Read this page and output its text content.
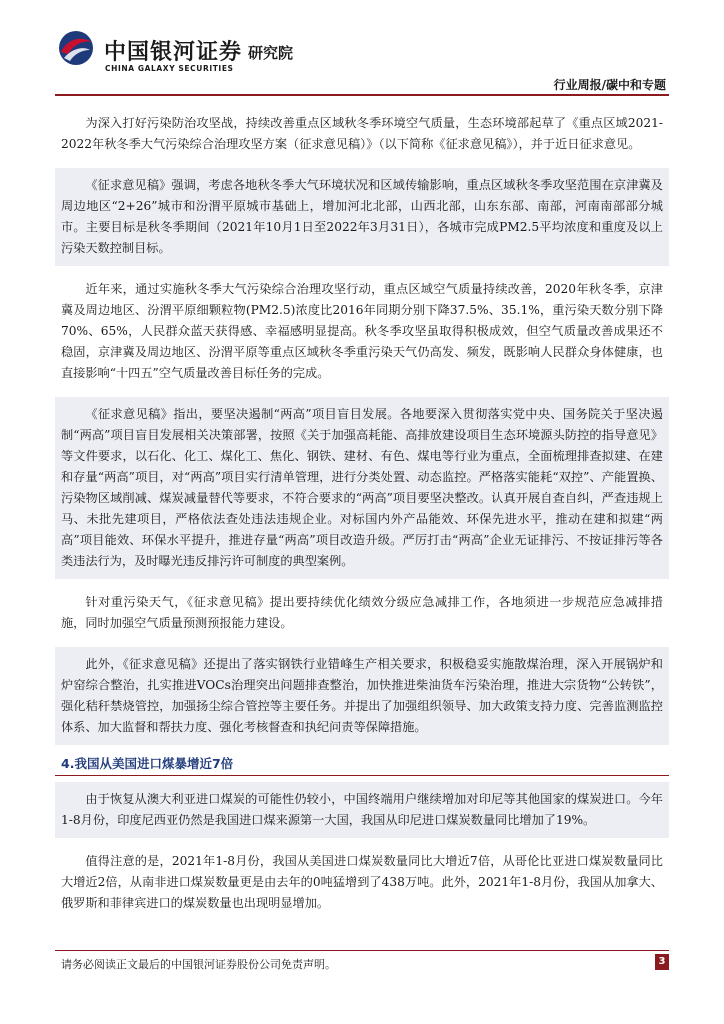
中国银河证券
CHINA GALAXY SECURITIES
研究院
行业周报/碳中和专题

为深入打好污染防治攻坚战，持续改善重点区域秋冬季环境空气质量，生态环境部起草了《重点区域2021-2022年秋冬季大气污染综合治理攻坚方案（征求意见稿）》（以下简称《征求意见稿》），并于近日征求意见。

《征求意见稿》强调，考虑各地秋冬季大气环境状况和区域传输影响，重点区域秋冬季攻坚范围在京津冀及周边地区“2+26”城市和汾渭平原城市基础上，增加河北北部，山西北部，山东东部、南部，河南南部部分城市。主要目标是秋冬季期间（2021年10月1日至2022年3月31日），各城市完成PM2.5平均浓度和重度及以上污染天数控制目标。

近年来，通过实施秋冬季大气污染综合治理攻坚行动，重点区域空气质量持续改善，2020年秋冬季，京津冀及周边地区、汾渭平原细颗粒物(PM2.5)浓度比2016年同期分别下降37.5%、35.1%，重污染天数分别下降70%、65%，人民群众蓝天获得感、幸福感明显提高。秋冬季攻坚虽取得积极成效，但空气质量改善成果还不稳固，京津冀及周边地区、汾渭平原等重点区域秋冬季重污染天气仍高发、频发，既影响人民群众身体健康，也直接影响“十四五”空气质量改善目标任务的完成。

《征求意见稿》指出，要坚决遏制“两高”项目盲目发展。各地要深入贯彻落实党中央、国务院关于坚决遏制“两高”项目盲目发展相关决策部署，按照《关于加强高耗能、高排放建设项目生态环境源头防控的指导意见》等文件要求，以石化、化工、煤化工、焦化、钢铁、建材、有色、煤电等行业为重点，全面梳理排查拟建、在建和存量“两高”项目，对“两高”项目实行清单管理，进行分类处置、动态监控。严格落实能耗“双控”、产能置换、污染物区域削减、煤炭减量替代等要求，不符合要求的“两高”项目要坚决整改。认真开展自查自纠，严查违规上马、未批先建项目，严格依法查处违法违规企业。对标国内外产品能效、环保先进水平，推动在建和拟建“两高”项目能效、环保水平提升，推进存量“两高”项目改造升级。严厉打击“两高”企业无证排污、不按证排污等各类违法行为，及时曝光违反排污许可制度的典型案例。

针对重污染天气，《征求意见稿》提出要持续优化绩效分级应急减排工作，各地须进一步规范应急减排措施，同时加强空气质量预测预报能力建设。

此外，《征求意见稿》还提出了落实钢铁行业错峰生产相关要求，积极稳妥实施散煤治理，深入开展锅炉和炉窑综合整治，扎实推进VOCs治理突出问题排查整治，加快推进柴油货车污染治理，推进大宗货物“公转铁”，强化秸秆禁烧管控，加强扬尘综合管控等主要任务。并提出了加强组织领导、加大政策支持力度、完善监测监控体系、加大监督和帮扶力度、强化考核督查和执纪问责等保障措施。

4.我国从美国进口煤暴增近7倍

由于恢复从澳大利亚进口煤炭的可能性仍较小，中国终端用户继续增加对印尼等其他国家的煤炭进口。今年1-8月份，印度尼西亚仍然是我国进口煤来源第一大国，我国从印尼进口煤炭数量同比增加了19%。

值得注意的是，2021年1-8月份，我国从美国进口煤炭数量同比大增近7倍，从哥伦比亚进口煤炭数量同比大增近2倍，从南非进口煤炭数量更是由去年的0吨猛增到了438万吨。此外，2021年1-8月份，我国从加拿大、俄罗斯和菲律宾进口的煤炭数量也出现明显增加。

请务必阅读正文最后的中国银河证券股份公司免责声明。	3
